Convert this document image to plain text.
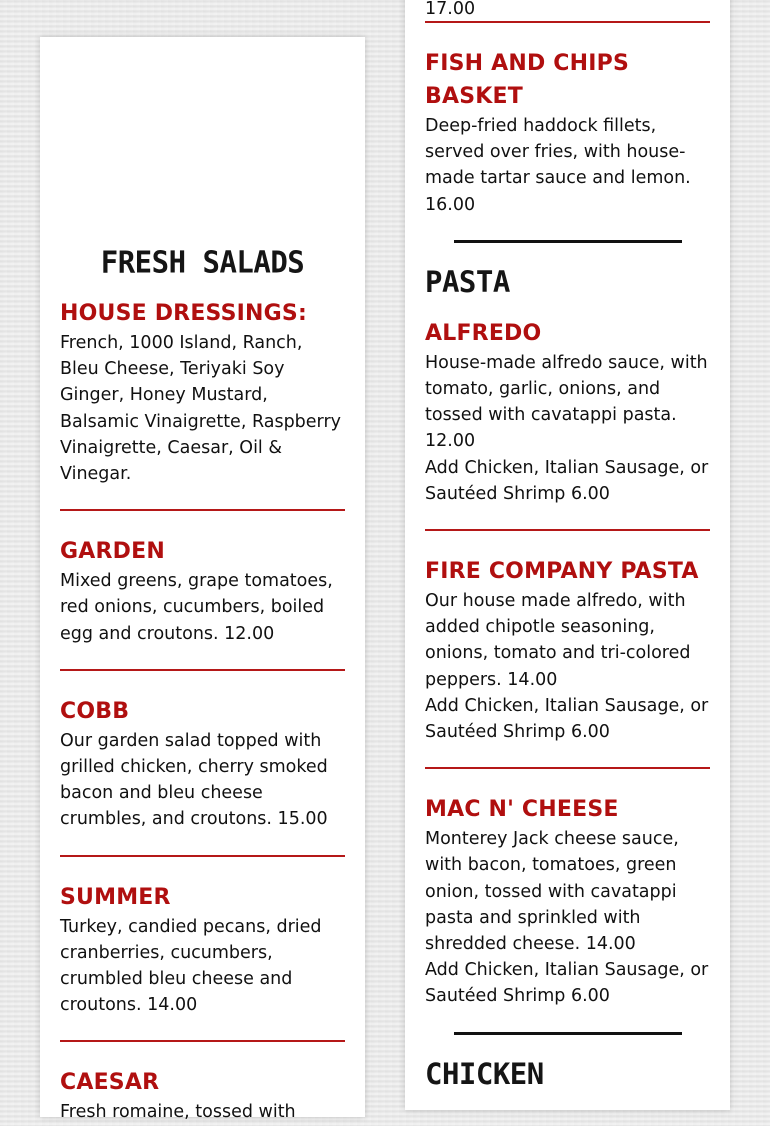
FRESH SALADS

HOUSE DRESSINGS:

French, 1000 Island, Ranch, Bleu Cheese, Teriyaki Soy Ginger, Honey Mustard, Balsamic Vinaigrette, Raspberry Vinaigrette, Caesar, Oil & Vinegar.

GARDEN

Mixed greens, grape tomatoes, red onions, cucumbers, boiled egg and croutons. 12.00

COBB

Our garden salad topped with grilled chicken, cherry smoked bacon and bleu cheese crumbles, and croutons. 15.00

SUMMER

Turkey, candied pecans, dried cranberries, cucumbers, crumbled bleu cheese and croutons. 14.00

CAESAR

Fresh romaine, tossed with

17.00

FISH AND CHIPS BASKET

Deep-fried haddock fillets, served over fries, with house-made tartar sauce and lemon. 16.00

PASTA

ALFREDO

House-made alfredo sauce, with tomato, garlic, onions, and tossed with cavatappi pasta. 12.00

Add Chicken, Italian Sausage, or Sautéed Shrimp 6.00

FIRE COMPANY PASTA

Our house made alfredo, with added chipotle seasoning, onions, tomato and tri-colored peppers. 14.00

Add Chicken, Italian Sausage, or Sautéed Shrimp 6.00

MAC N' CHEESE

Monterey Jack cheese sauce, with bacon, tomatoes, green onion, tossed with cavatappi pasta and sprinkled with shredded cheese. 14.00

Add Chicken, Italian Sausage, or Sautéed Shrimp 6.00

CHICKEN
